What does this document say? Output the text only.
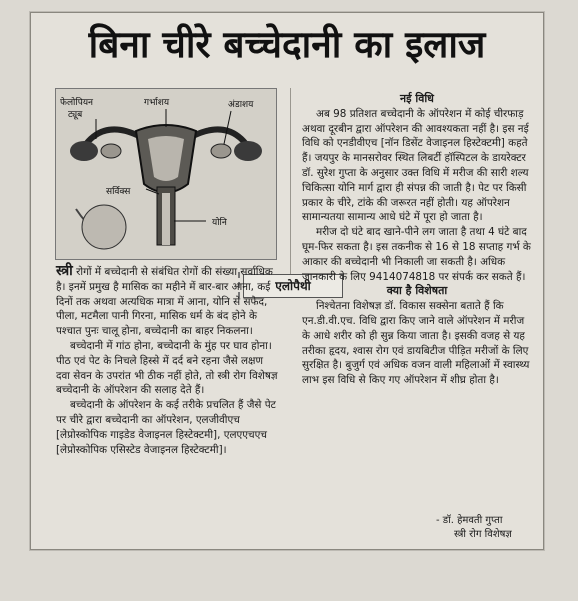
बिना चीरे बच्चेदानी का इलाज
फेलोपियन
ट्यूब
गर्भाशय	अंडाशय
सर्विक्स
योनि
एलोपैथी

स्त्री रोगों में बच्चेदानी से संबंधित रोगों की संख्या सर्वाधिक है। इनमें प्रमुख है मासिक का महीने में बार-बार आना, कई दिनों तक अथवा अत्यधिक मात्रा में आना, योनि से सफेद, पीला, मटमैला पानी गिरना, मासिक धर्म के बंद होने के पश्चात पुनः चालू होना, बच्चेदानी का बाहर निकलना।

बच्चेदानी में गांठ होना, बच्चेदानी के मुंह पर घाव होना। पीठ एवं पेट के निचले हिस्से में दर्द बने रहना जैसे लक्षण दवा सेवन के उपरांत भी ठीक नहीं होते, तो स्त्री रोग विशेषज्ञ बच्चेदानी के ऑपरेशन की सलाह देते हैं।

बच्चेदानी के ऑपरेशन के कई तरीके प्रचलित हैं जैसे पेट पर चीरे द्वारा बच्चेदानी का ऑपरेशन, एलजीवीएच [लेप्रोस्कोपिक गाइडेड वेजाइनल हिस्टेक्टमी], एलएएचएच [लेप्रोस्कोपिक एसिस्टेड वेजाइनल हिस्टेक्टमी]।

नई विधि

अब 98 प्रतिशत बच्चेदानी के ऑपरेशन में कोई चीरफाड़ अथवा दूरबीन द्वारा ऑपरेशन की आवश्यकता नहीं है। इस नई विधि को एनडीवीएच [नॉन डिसेंट वेजाइनल हिस्टेक्टमी] कहते हैं। जयपुर के मानसरोवर स्थित लिबर्टी हॉस्पिटल के डायरेक्टर डॉ. सुरेश गुप्ता के अनुसार उक्त विधि में मरीज की सारी शल्य चिकित्सा योनि मार्ग द्वारा ही संपन्न की जाती है। पेट पर किसी प्रकार के चीरे, टांके की जरूरत नहीं होती। यह ऑपरेशन सामान्यतया सामान्य आधे घंटे में पूरा हो जाता है।

मरीज दो घंटे बाद खाने-पीने लग जाता है तथा 4 घंटे बाद घूम-फिर सकता है। इस तकनीक से 16 से 18 सप्ताह गर्भ के आकार की बच्चेदानी भी निकाली जा सकती है। अधिक जानकारी के लिए 9414074818 पर संपर्क कर सकते हैं।

क्या है विशेषता

निश्चेतना विशेषज्ञ डॉ. विकास सक्सेना बताते हैं कि एन.डी.वी.एच. विधि द्वारा किए जाने वाले ऑपरेशन में मरीज के आधे शरीर को ही सुन्न किया जाता है। इसकी वजह से यह तरीका हृदय, श्वास रोग एवं डायबिटीज पीड़ित मरीजों के लिए सुरक्षित है। बुजुर्ग एवं अधिक वजन वाली महिलाओं में स्वास्थ्य लाभ इस विधि से किए गए ऑपरेशन में शीघ्र होता है।

- डॉ. हेमवती गुप्ता
स्त्री रोग विशेषज्ञ
